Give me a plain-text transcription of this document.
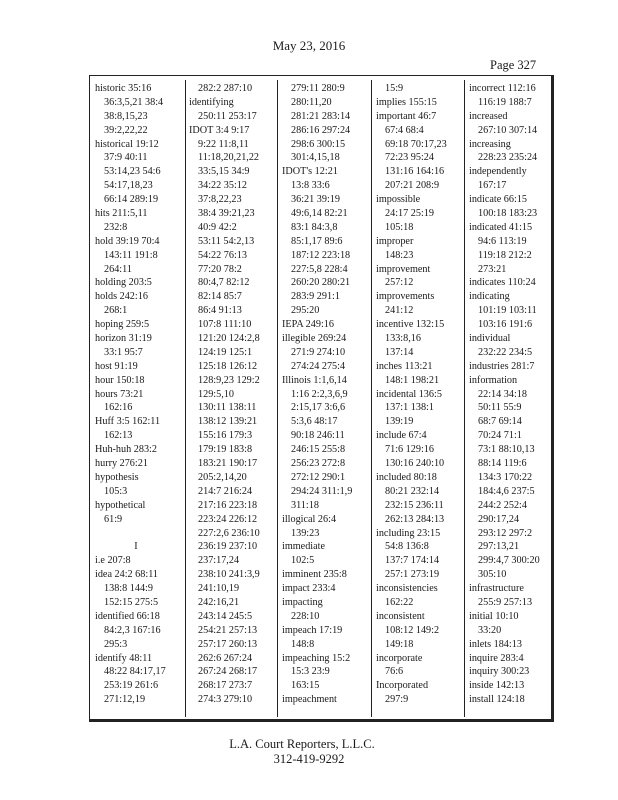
May 23, 2016
Page 327
historic 35:16
36:3,5,21 38:4
38:8,15,23
39:2,22,22
historical 19:12
37:9 40:11
53:14,23 54:6
54:17,18,23
66:14 289:19
hits 211:5,11
232:8
hold 39:19 70:4
143:11 191:8
264:11
holding 203:5
holds 242:16
268:1
hoping 259:5
horizon 31:19
33:1 95:7
host 91:19
hour 150:18
hours 73:21
162:16
Huff 3:5 162:11
162:13
Huh-huh 283:2
hurry 276:21
hypothesis
105:3
hypothetical
61:9
I
i.e 207:8
idea 24:2 68:11
138:8 144:9
152:15 275:5
identified 66:18
84:2,3 167:16
295:3
identify 48:11
48:22 84:17,17
253:19 261:6
271:12,19
282:2 287:10
identifying
250:11 253:17
IDOT 3:4 9:17
9:22 11:8,11
11:18,20,21,22
33:5,15 34:9
34:22 35:12
37:8,22,23
38:4 39:21,23
40:9 42:2
53:11 54:2,13
54:22 76:13
77:20 78:2
80:4,7 82:12
82:14 85:7
86:4 91:13
107:8 111:10
121:20 124:2,8
124:19 125:1
125:18 126:12
128:9,23 129:2
129:5,10
130:11 138:11
138:12 139:21
155:16 179:3
179:19 183:8
183:21 190:17
205:2,14,20
214:7 216:24
217:16 223:18
223:24 226:12
227:2,6 236:10
236:19 237:10
237:17,24
238:10 241:3,9
241:10,19
242:16,21
243:14 245:5
254:21 257:13
257:17 260:13
262:6 267:24
267:24 268:17
268:17 273:7
274:3 279:10
279:11 280:9
280:11,20
281:21 283:14
286:16 297:24
298:6 300:15
301:4,15,18
IDOT's 12:21
13:8 33:6
36:21 39:19
49:6,14 82:21
83:1 84:3,8
85:1,17 89:6
187:12 223:18
227:5,8 228:4
260:20 280:21
283:9 291:1
295:20
IEPA 249:16
illegible 269:24
271:9 274:10
274:24 275:4
Illinois 1:1,6,14
1:16 2:2,3,6,9
2:15,17 3:6,6
5:3,6 48:17
90:18 246:11
246:15 255:8
256:23 272:8
272:12 290:1
294:24 311:1,9
311:18
illogical 26:4
139:23
immediate
102:5
imminent 235:8
impact 233:4
impacting
228:10
impeach 17:19
148:8
impeaching 15:2
15:3 23:9
163:15
impeachment
15:9
implies 155:15
important 46:7
67:4 68:4
69:18 70:17,23
72:23 95:24
131:16 164:16
207:21 208:9
impossible
24:17 25:19
105:18
improper
148:23
improvement
257:12
improvements
241:12
incentive 132:15
133:8,16
137:14
inches 113:21
148:1 198:21
incidental 136:5
137:1 138:1
139:19
include 67:4
71:6 129:16
130:16 240:10
included 80:18
80:21 232:14
232:15 236:11
262:13 284:13
including 23:15
54:8 136:8
137:7 174:14
257:1 273:19
inconsistencies
162:22
inconsistent
108:12 149:2
149:18
incorporate
76:6
Incorporated
297:9
incorrect 112:16
116:19 188:7
increased
267:10 307:14
increasing
228:23 235:24
independently
167:17
indicate 66:15
100:18 183:23
indicated 41:15
94:6 113:19
119:18 212:2
273:21
indicates 110:24
indicating
101:19 103:11
103:16 191:6
individual
232:22 234:5
industries 281:7
information
22:14 34:18
50:11 55:9
68:7 69:14
70:24 71:1
73:1 88:10,13
88:14 119:6
134:3 170:22
184:4,6 237:5
244:2 252:4
290:17,24
293:12 297:2
297:13,21
299:4,7 300:20
305:10
infrastructure
255:9 257:13
initial 10:10
33:20
inlets 184:13
inquire 283:4
inquiry 300:23
inside 142:13
install 124:18
L.A. Court Reporters, L.L.C.
312-419-9292
